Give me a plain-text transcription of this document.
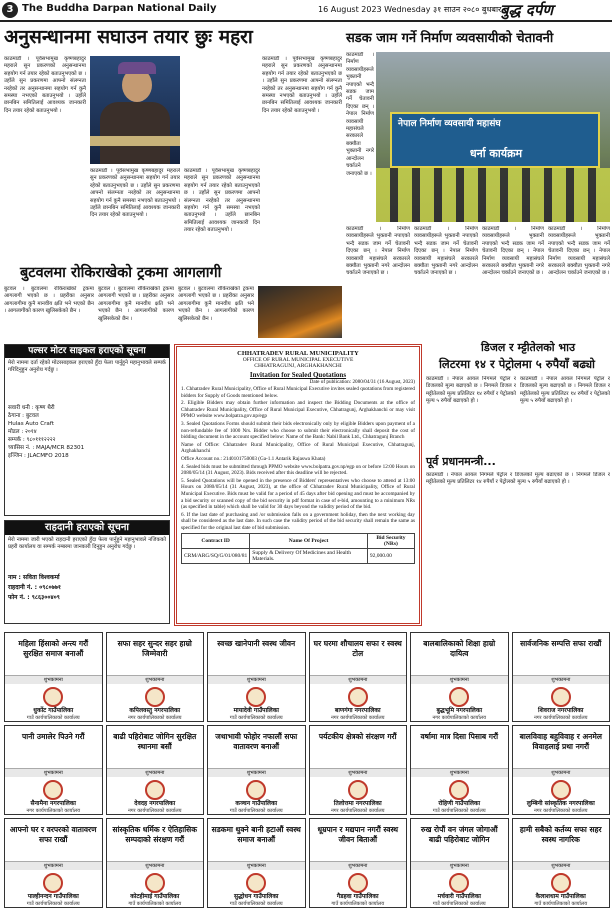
3 The Buddha Darpan National Daily	16 August 2023 Wednesday ३१ साउन २०८० बुधबार
बुद्ध दर्पण
अनुसन्धानमा सघाउन तयार छुः महरा
काठमाडौं । पूर्वसभामुख कृष्णबहादुर महराले सुन प्रकरणको अनुसन्धानमा सहयोग गर्न तयार रहेको बताउनुभएको छ । उहाँले सुन प्रकरणमा आफ्नो संलग्नता नरहेको तर अनुसन्धानमा सहयोग गर्न कुनै समस्या नभएको बताउनुभयो । उहाँले छानबिन समितिलाई आवश्यक जानकारी दिन तयार रहेको बताउनुभयो ।
काठमाडौं । पूर्वसभामुख कृष्णबहादुर महराले सुन प्रकरणको अनुसन्धानमा सहयोग गर्न तयार रहेको बताउनुभएको छ । उहाँले सुन प्रकरणमा आफ्नो संलग्नता नरहेको तर अनुसन्धानमा सहयोग गर्न कुनै समस्या नभएको बताउनुभयो । उहाँले छानबिन समितिलाई आवश्यक जानकारी दिन तयार रहेको बताउनुभयो ।
काठमाडौं । पूर्वसभामुख कृष्णबहादुर महराले सुन प्रकरणको अनुसन्धानमा सहयोग गर्न तयार रहेको बताउनुभएको छ । उहाँले सुन प्रकरणमा आफ्नो संलग्नता नरहेको तर अनुसन्धानमा सहयोग गर्न कुनै समस्या नभएको बताउनुभयो । उहाँले छानबिन समितिलाई आवश्यक जानकारी दिन तयार रहेको बताउनुभयो ।
काठमाडौं । पूर्वसभामुख कृष्णबहादुर महराले सुन प्रकरणको अनुसन्धानमा सहयोग गर्न तयार रहेको बताउनुभएको छ । उहाँले सुन प्रकरणमा आफ्नो संलग्नता नरहेको तर अनुसन्धानमा सहयोग गर्न कुनै समस्या नभएको बताउनुभयो । उहाँले छानबिन समितिलाई आवश्यक जानकारी दिन तयार रहेको बताउनुभयो ।
सडक जाम गर्ने निर्माण व्यवसायीको चेतावनी
नेपाल निर्माण व्यवसायी महासंघ
धर्ना कार्यक्रम
काठमाडौं । निर्माण व्यवसायीहरूले भुक्तानी नपाएको भन्दै सडक जाम गर्ने चेतावनी दिएका छन् । नेपाल निर्माण व्यवसायी महासंघले सरकारले बक्यौता भुक्तानी नगरे आन्दोलन चर्काउने जनाएको छ ।
काठमाडौं । निर्माण व्यवसायीहरूले भुक्तानी नपाएको भन्दै सडक जाम गर्ने चेतावनी दिएका छन् । नेपाल निर्माण व्यवसायी महासंघले सरकारले बक्यौता भुक्तानी नगरे आन्दोलन चर्काउने जनाएको छ ।
काठमाडौं । निर्माण व्यवसायीहरूले भुक्तानी नपाएको भन्दै सडक जाम गर्ने चेतावनी दिएका छन् । नेपाल निर्माण व्यवसायी महासंघले सरकारले बक्यौता भुक्तानी नगरे आन्दोलन चर्काउने जनाएको छ ।
काठमाडौं । निर्माण व्यवसायीहरूले भुक्तानी नपाएको भन्दै सडक जाम गर्ने चेतावनी दिएका छन् । नेपाल निर्माण व्यवसायी महासंघले सरकारले बक्यौता भुक्तानी नगरे आन्दोलन चर्काउने जनाएको छ ।
काठमाडौं । निर्माण व्यवसायीहरूले भुक्तानी नपाएको भन्दै सडक जाम गर्ने चेतावनी दिएका छन् । नेपाल निर्माण व्यवसायी महासंघले सरकारले बक्यौता भुक्तानी नगरे आन्दोलन चर्काउने जनाएको छ ।
बुटवलमा रोकिराखेको ट्रकमा आगलागी
बुटवल । बुटवलमा रोकिराखेको ट्रकमा आगलागी भएको छ । प्रहरीका अनुसार आगलागीमा कुनै मानवीय क्षति भने भएको छैन । आगलागीको कारण खुलिसकेको छैन ।
बुटवल । बुटवलमा रोकिराखेको ट्रकमा आगलागी भएको छ । प्रहरीका अनुसार आगलागीमा कुनै मानवीय क्षति भने भएको छैन । आगलागीको कारण खुलिसकेको छैन ।
बुटवल । बुटवलमा रोकिराखेको ट्रकमा आगलागी भएको छ । प्रहरीका अनुसार आगलागीमा कुनै मानवीय क्षति भने भएको छैन । आगलागीको कारण खुलिसकेको छैन ।
पल्सर मोटर साइकल हराएको सूचना
मेरो नाममा दर्ता रहेको मोटरसाइकल हराएको हुँदा फेला पार्नुहुने महानुभावले सम्पर्क गरिदिनुहुन अनुरोध गर्दछु ।
सवारी धनी : कृष्ण थैरी
ठेगाना : बुटवल
Hulas Auto Craft
मोडल : २०१४
सम्पर्क : ९८०१११२२२२
च्यासिस नं. : MAJA/MCR 82301
इञ्जिन : JLACMFO 2018
राहदानी हराएको सूचना
मेरो नाममा जारी भएको राहदानी हराएको हुँदा फेला पार्नुहुने महानुभावले नजिकको प्रहरी कार्यालय वा सम्पर्क नम्बरमा जानकारी दिनुहुन अनुरोध गर्दछु ।
नाम : सविता विश्वकर्मा
राहदानी नं. : ०९८०७७१
फोन नं. : ९८६३००४०९
डिजल र म्ट्टीतेलको भाउ
लिटरमा १४ र पेट्रोलमा ५ रुपैयाँ बढ्यो
काठमाडौं । नेपाल आयल निगमले पेट्रोल र डिजलको मूल्य बढाएको छ । निगमले डिजल र मट्टीतेलको मूल्य प्रतिलिटर १४ रुपैयाँ र पेट्रोलको मूल्य ५ रुपैयाँ बढाएको हो ।
काठमाडौं । नेपाल आयल निगमले पेट्रोल र डिजलको मूल्य बढाएको छ । निगमले डिजल र मट्टीतेलको मूल्य प्रतिलिटर १४ रुपैयाँ र पेट्रोलको मूल्य ५ रुपैयाँ बढाएको हो ।
पूर्व प्रधानमन्त्री...
काठमाडौं । नेपाल आयल निगमले पेट्रोल र डिजलको मूल्य बढाएको छ । निगमले डिजल र मट्टीतेलको मूल्य प्रतिलिटर १४ रुपैयाँ र पेट्रोलको मूल्य ५ रुपैयाँ बढाएको हो ।
CHHATRADEV RURAL MUNICIPALITY
OFFICE OF RURAL MUNICIPAL EXECUTIVE
CHHATRAGUNJ, ARGHAKHANCHI
Invitation for Sealed Quotations
Date of publication: 2080/04/31 (16 August, 2023)
1. Chhatradev Rural Municipality, Office of Rural Municipal Executive invites sealed quotations from registered bidders for Supply of Goods mentioned below.
2. Eligible Bidders may obtain further information and inspect the Bidding Documents at the office of Chhatradev Rural Municipality, Office of Rural Municipal Executive, Chhatragunj, Arghakhanchi or may visit PPMO website www.bolpatra.gov.np/egp
3. Sealed Quotations Forms should submit their bids electronically only by eligible Bidders upon payment of a non-refundable fee of 1000 Nrs. Bidder who choose to submit their electronically shall deposit the cost of bidding document in the account specified below: Name of the Bank: Nabil Bank Ltd., Chhatragunj Branch
Name of Office: Chhatradev Rural Municipality, Office of Rural Municipal Executive, Chhatragunj, Arghakhanchi
Office Account no.: 2140101750003 (Ga-1.1 Antarik Rajaswa Khata)
4. Sealed bids must be submitted through PPMO website www.bolpatra.gov.np/egp on or before 12:00 Hours on 2080/05/14 (31 August, 2023). Bids received after this deadline will be rejected.
5. Sealed Quotations will be opened in the presence of Bidders' representatives who choose to attend at 13:00 Hours on 2080/05/14 (31 August, 2023), at the office of Chhatradev Rural Municipality, Office of Rural Municipal Executive. Bids must be valid for a period of 45 days after bid opening and must be accompanied by a bid security or scanned copy of the bid security in pdf format in case of e-bid, amounting to a minimum NRs (as specified in table) which shall be valid for 30 days beyond the validity period of the bid.
6. If the last date of purchasing and /or submission falls on a government holiday, then the next working day shall be considered as the last date. In such case the validity period of the bid security shall remain the same as specified for the original last date of bid submission.
Contract ID	Name Of Project	Bid Security (NRs)
CRM/ARG/SQ/G/01/080/81	Supply & Delivery Of Medicines and Health Materials.	92,000.00
महिला हिंसाको अन्त्य गरौं सुरक्षित समाज बनाऔं
शुभकामना
धुर्कोट गाउँपालिका
गाउँ कार्यपालिकाको कार्यालय
सफा सहर सुन्दर सहर हाम्रो जिम्मेवारी
शुभकामना
कपिलवस्तु नगरपालिका
नगर कार्यपालिकाको कार्यालय
स्वच्छ खानेपानी स्वस्थ जीवन
शुभकामना
मायादेवी गाउँपालिका
गाउँ कार्यपालिकाको कार्यालय
घर घरमा शौचालय सफा र स्वस्थ टोल
शुभकामना
बाणगंगा नगरपालिका
नगर कार्यपालिकाको कार्यालय
बालबालिकाको शिक्षा हाम्रो दायित्व
शुभकामना
बुद्धभूमि नगरपालिका
नगर कार्यपालिकाको कार्यालय
सार्वजनिक सम्पत्ति सफा राखौं
शुभकामना
शिवराज नगरपालिका
नगर कार्यपालिकाको कार्यालय
पानी उमालेर पिउने गरौं
शुभकामना
सैनामैना नगरपालिका
नगर कार्यपालिकाको कार्यालय
बाढी पहिरोबाट जोगिन सुरक्षित स्थानमा बसौं
शुभकामना
देवदह नगरपालिका
नगर कार्यपालिकाको कार्यालय
जथाभावी फोहोर नफालौं सफा वातावरण बनाऔं
शुभकामना
कञ्चन गाउँपालिका
गाउँ कार्यपालिकाको कार्यालय
पर्यटकीय क्षेत्रको संरक्षण गरौं
शुभकामना
तिलोत्तमा नगरपालिका
नगर कार्यपालिकाको कार्यालय
वर्षामा मात्र दिसा पिसाब गरौं
शुभकामना
रोहिणी गाउँपालिका
गाउँ कार्यपालिकाको कार्यालय
बालविवाह बहुविवाह र अनमेल विवाहलाई प्रथा नगरौं
शुभकामना
लुम्बिनी सांस्कृतिक नगरपालिका
नगर कार्यपालिकाको कार्यालय
आफ्नो घर र वरपरको वातावरण सफा राखौं
शुभकामना
पाल्हीनन्दन गाउँपालिका
गाउँ कार्यपालिकाको कार्यालय
सांस्कृतिक धर्मिक र ऐतिहासिक सम्पदाको संरक्षण गरौं
शुभकामना
कोटहीमाई गाउँपालिका
गाउँ कार्यपालिकाको कार्यालय
सडकमा थुक्ने बानी हटाऔं स्वस्थ समाज बनाऔं
शुभकामना
सुद्धोधन गाउँपालिका
गाउँ कार्यपालिकाको कार्यालय
धूम्रपान र मद्यपान नगरौं स्वस्थ जीवन बिताऔं
शुभकामना
गैडहवा गाउँपालिका
गाउँ कार्यपालिकाको कार्यालय
रुख रोपौं वन जंगल जोगाऔं बाढी पहिरोबाट जोगिन
शुभकामना
मर्चवारी गाउँपालिका
गाउँ कार्यपालिकाको कार्यालय
हामी सबैको कर्तव्य सफा सहर स्वस्थ नागरिक
शुभकामना
कैलाशधाम गाउँपालिका
गाउँ कार्यपालिकाको कार्यालय
